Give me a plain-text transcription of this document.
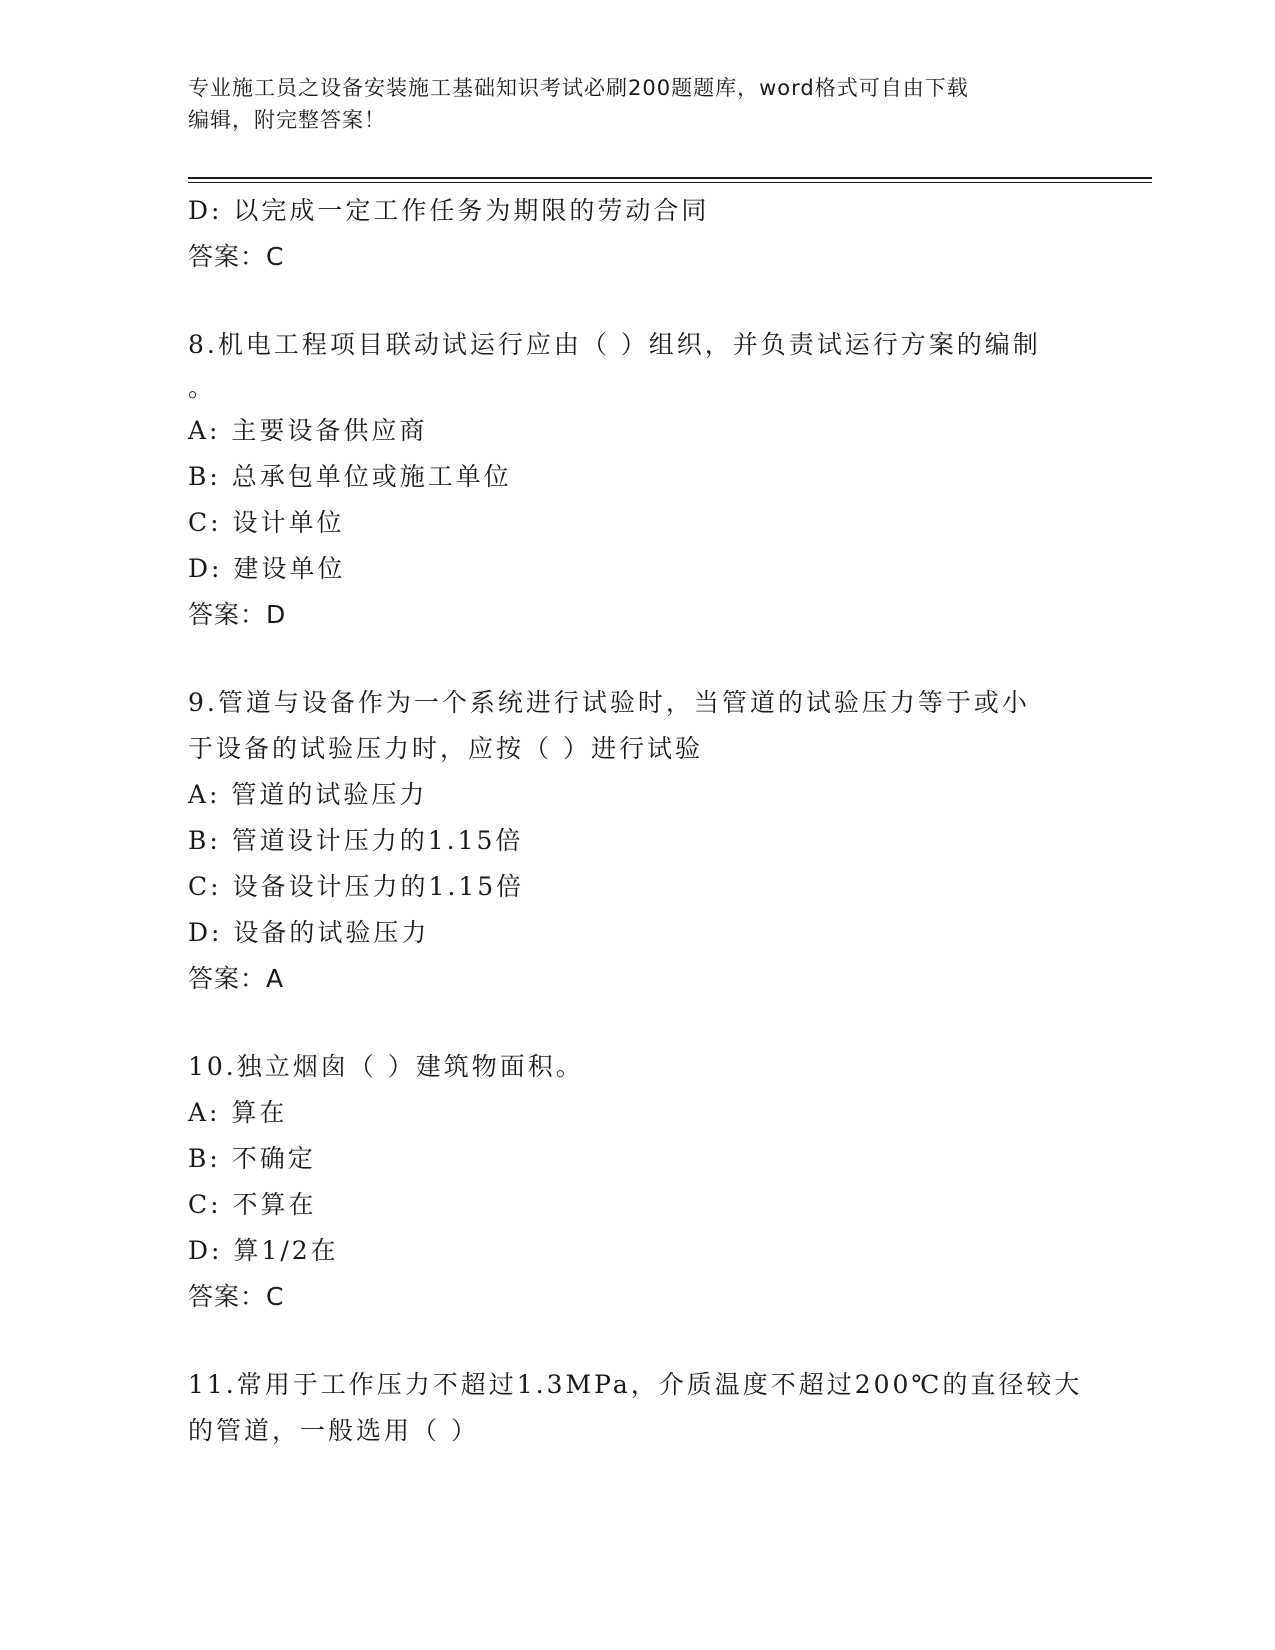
专业施工员之设备安装施工基础知识考试必刷200题题库，word格式可自由下载
编辑，附完整答案！
D: 以完成一定工作任务为期限的劳动合同
答案：C
8.机电工程项目联动试运行应由（ ）组织，并负责试运行方案的编制
。
A: 主要设备供应商
B: 总承包单位或施工单位
C: 设计单位
D: 建设单位
答案：D
9.管道与设备作为一个系统进行试验时，当管道的试验压力等于或小
于设备的试验压力时，应按（ ）进行试验
A: 管道的试验压力
B: 管道设计压力的1.15倍
C: 设备设计压力的1.15倍
D: 设备的试验压力
答案：A
10.独立烟囱（ ）建筑物面积。
A: 算在
B: 不确定
C: 不算在
D: 算1/2在
答案：C
11.常用于工作压力不超过1.3MPa，介质温度不超过200℃的直径较大
的管道，一般选用（ ）
